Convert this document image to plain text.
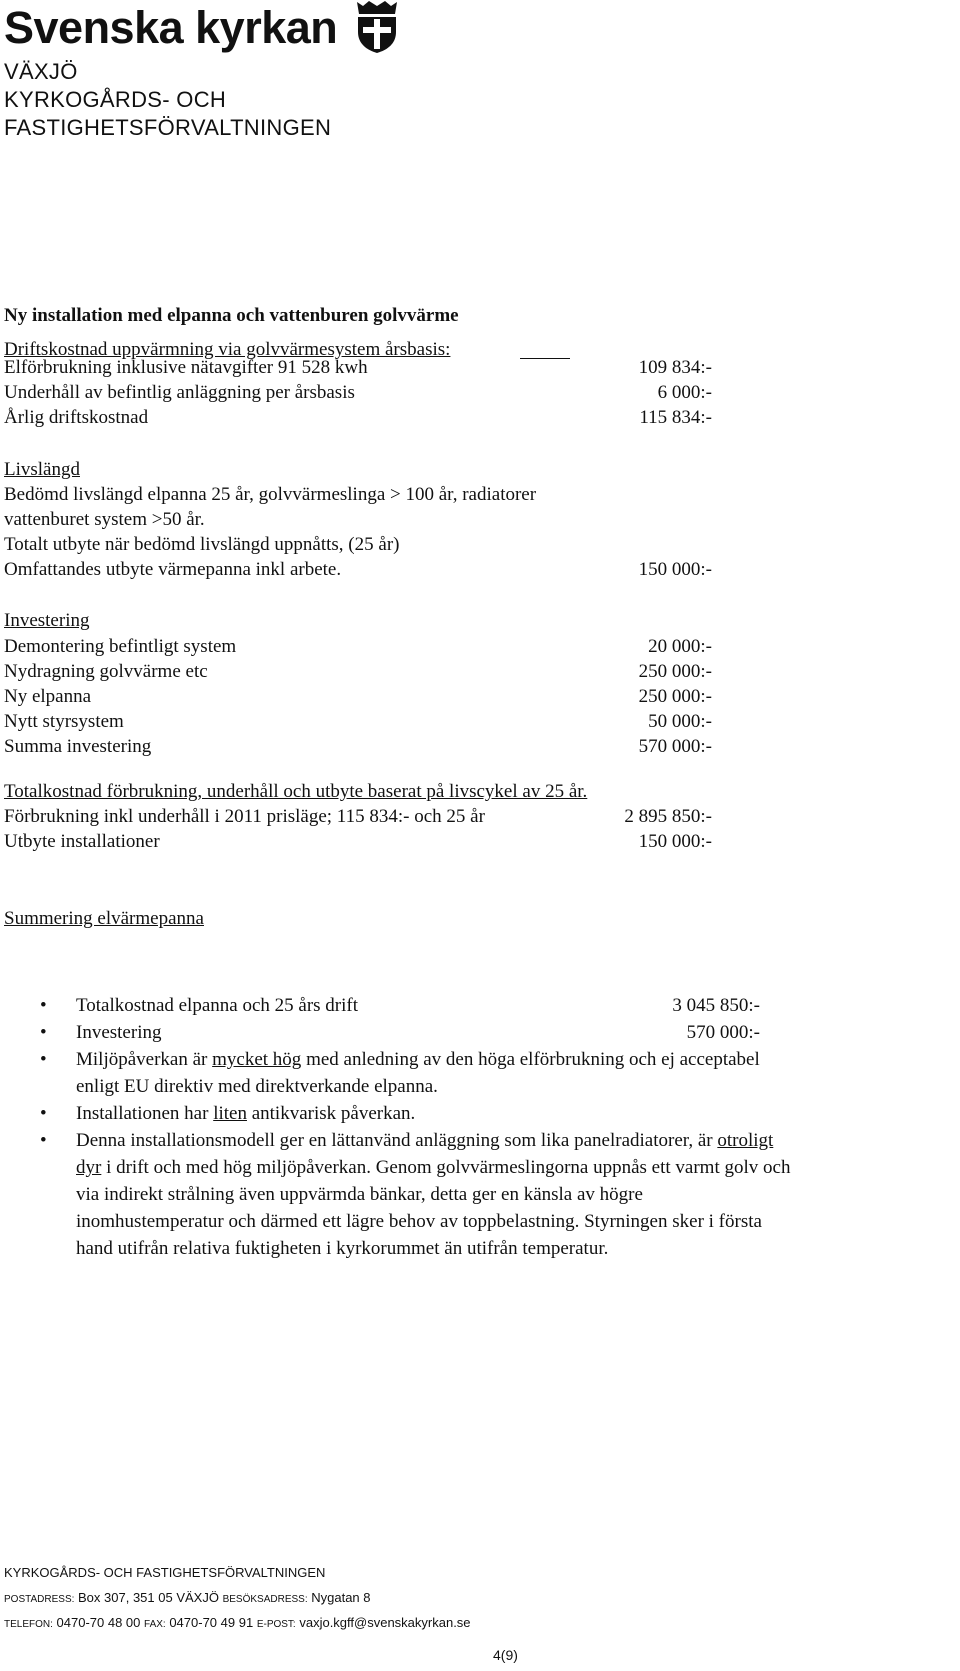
Svenska kyrkan
VÄXJÖ
KYRKOGÅRDS- OCH
FASTIGHETSFÖRVALTNINGEN
Ny installation med elpanna och vattenburen golvvärme
Driftskostnad uppvärmning via golvvärmesystem årsbasis:
Elförbrukning inklusive nätavgifter 91 528 kwh	109 834:-
Underhåll av befintlig anläggning per årsbasis	6 000:-
Årlig driftskostnad	115 834:-
Livslängd
Bedömd livslängd elpanna 25 år, golvvärmeslinga > 100 år, radiatorer
vattenburet system >50 år.
Totalt utbyte när bedömd livslängd uppnåtts, (25 år)
Omfattandes utbyte värmepanna inkl arbete.	150 000:-
Investering
Demontering befintligt system	20 000:-
Nydragning golvvärme etc	250 000:-
Ny elpanna	250 000:-
Nytt styrsystem	50 000:-
Summa investering	570 000:-
Totalkostnad förbrukning, underhåll och utbyte baserat på livscykel av 25 år.
Förbrukning inkl underhåll i 2011 prisläge; 115 834:- och 25 år	2 895 850:-
Utbyte installationer	150 000:-
Summering elvärmepanna
• Totalkostnad elpanna och 25 års drift	3 045 850:-
• Investering	570 000:-
• Miljöpåverkan är mycket hög med anledning av den höga elförbrukning och ej acceptabel
enligt EU direktiv med direktverkande elpanna.
• Installationen har liten antikvarisk påverkan.
• Denna installationsmodell ger en lättanvänd anläggning som lika panelradiatorer, är otroligt
dyr i drift och med hög miljöpåverkan. Genom golvvärmeslingorna uppnås ett varmt golv och
via indirekt strålning även uppvärmda bänkar, detta ger en känsla av högre
inomhustemperatur och därmed ett lägre behov av toppbelastning. Styrningen sker i första
hand utifrån relativa fuktigheten i kyrkorummet än utifrån temperatur.
KYRKOGÅRDS- OCH FASTIGHETSFÖRVALTNINGEN
POSTADRESS: Box 307, 351 05 VÄXJÖ BESÖKSADRESS: Nygatan 8
TELEFON: 0470-70 48 00 FAX: 0470-70 49 91 E-POST: vaxjo.kgff@svenskakyrkan.se
4(9)
